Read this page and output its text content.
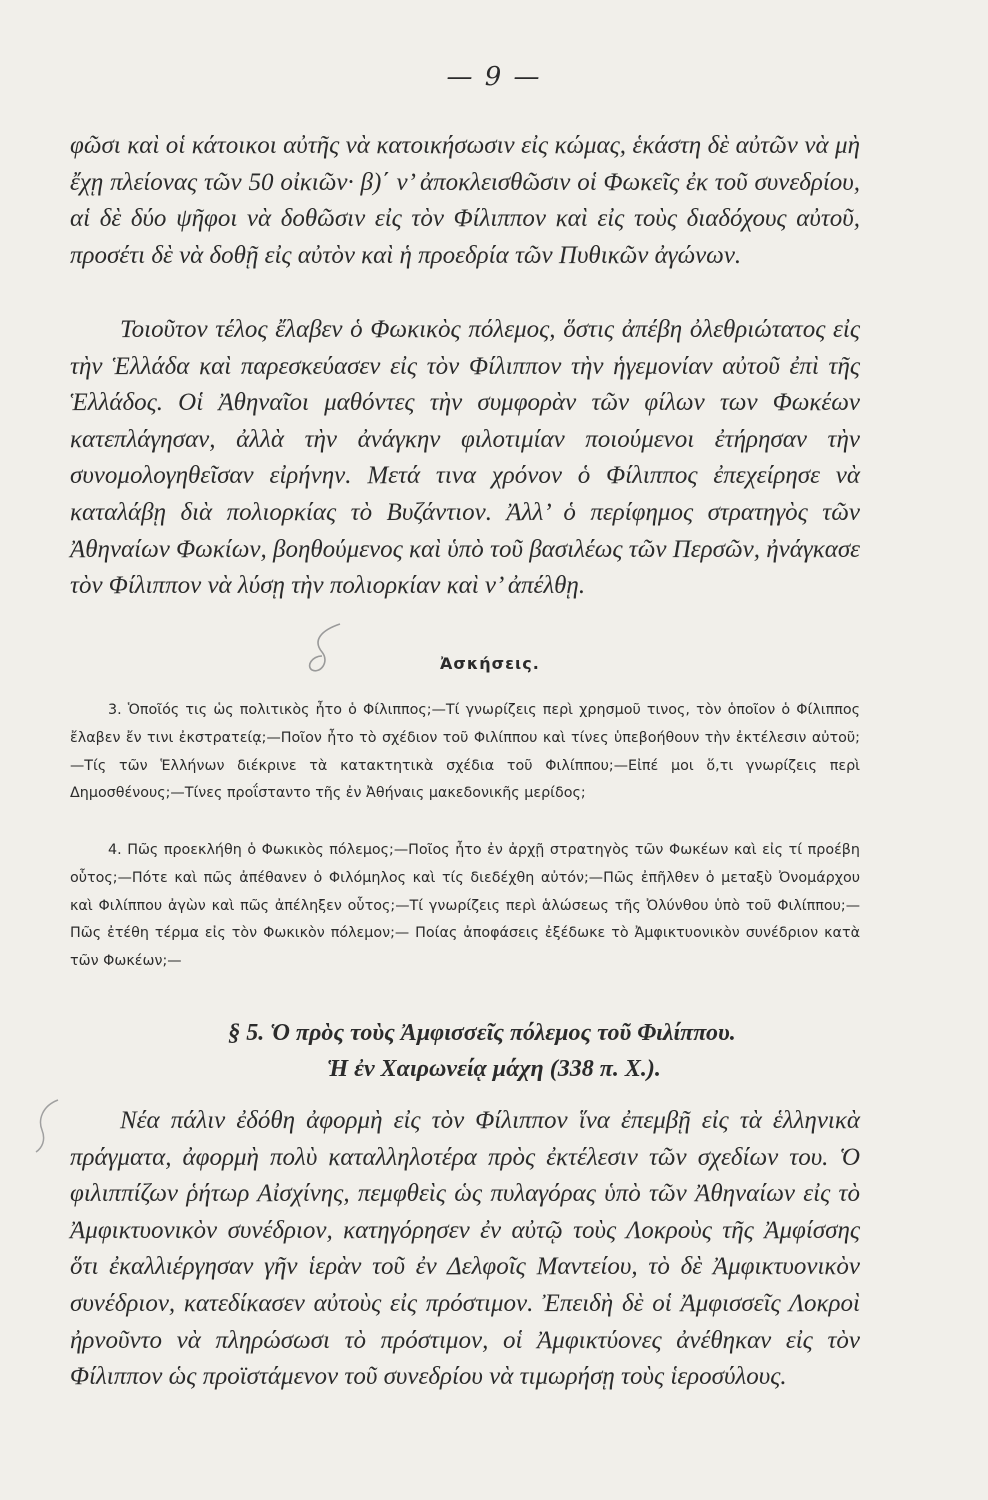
— 9 —

φῶσι καὶ οἱ κάτοικοι αὐτῆς νὰ κατοικήσωσιν εἰς κώμας, ἑκάστη δὲ αὐτῶν νὰ μὴ ἔχῃ πλείονας τῶν 50 οἰκιῶν· β)΄ ν’ ἀποκλεισθῶσιν οἱ Φωκεῖς ἐκ τοῦ συνεδρίου, αἱ δὲ δύο ψῆφοι νὰ δοθῶσιν εἰς τὸν Φίλιππον καὶ εἰς τοὺς διαδόχους αὐτοῦ, προσέτι δὲ νὰ δοθῇ εἰς αὐτὸν καὶ ἡ προεδρία τῶν Πυθικῶν ἀγώνων.

Τοιοῦτον τέλος ἔλαβεν ὁ Φωκικὸς πόλεμος, ὅστις ἀπέβη ὀλεθριώτατος εἰς τὴν Ἑλλάδα καὶ παρεσκεύασεν εἰς τὸν Φίλιππον τὴν ἡγεμονίαν αὐτοῦ ἐπὶ τῆς Ἑλλάδος. Οἱ Ἀθηναῖοι μαθόντες τὴν συμφορὰν τῶν φίλων των Φωκέων κατεπλάγησαν, ἀλλὰ τὴν ἀνάγκην φιλοτιμίαν ποιούμενοι ἐτήρησαν τὴν συνομολογηθεῖσαν εἰρήνην. Μετά τινα χρόνον ὁ Φίλιππος ἐπεχείρησε νὰ καταλάβῃ διὰ πολιορκίας τὸ Βυζάντιον. Ἀλλ’ ὁ περίφημος στρατηγὸς τῶν Ἀθηναίων Φωκίων, βοηθούμενος καὶ ὑπὸ τοῦ βασιλέως τῶν Περσῶν, ἠνάγκασε τὸν Φίλιππον νὰ λύσῃ τὴν πολιορκίαν καὶ ν’ ἀπέλθῃ.

Ἀσκήσεις.

3. Ὁποῖός τις ὡς πολιτικὸς ἦτο ὁ Φίλιππος;—Τί γνωρίζεις περὶ χρησμοῦ τινος, τὸν ὁποῖον ὁ Φίλιππος ἔλαβεν ἔν τινι ἐκστρατείᾳ;—Ποῖον ἦτο τὸ σχέδιον τοῦ Φιλίππου καὶ τίνες ὑπεβοήθουν τὴν ἐκτέλεσιν αὐτοῦ;—Τίς τῶν Ἑλλήνων διέκρινε τὰ κατακτητικὰ σχέδια τοῦ Φιλίππου;—Εἰπέ μοι ὅ,τι γνωρίζεις περὶ Δημοσθένους;—Τίνες προΐσταντο τῆς ἐν Ἀθήναις μακεδονικῆς μερίδος;

4. Πῶς προεκλήθη ὁ Φωκικὸς πόλεμος;—Ποῖος ἦτο ἐν ἀρχῇ στρατηγὸς τῶν Φωκέων καὶ εἰς τί προέβη οὗτος;—Πότε καὶ πῶς ἀπέθανεν ὁ Φιλόμηλος καὶ τίς διεδέχθη αὐτόν;—Πῶς ἐπῆλθεν ὁ μεταξὺ Ὀνομάρχου καὶ Φιλίππου ἀγὼν καὶ πῶς ἀπέληξεν οὗτος;—Τί γνωρίζεις περὶ ἁλώσεως τῆς Ὀλύνθου ὑπὸ τοῦ Φιλίππου;—Πῶς ἐτέθη τέρμα εἰς τὸν Φωκικὸν πόλεμον;— Ποίας ἀποφάσεις ἐξέδωκε τὸ Ἀμφικτυονικὸν συνέδριον κατὰ τῶν Φωκέων;—

§ 5. Ὁ πρὸς τοὺς Ἀμφισσεῖς πόλεμος τοῦ Φιλίππου.
Ἡ ἐν Χαιρωνείᾳ μάχη (338 π. Χ.).

Νέα πάλιν ἐδόθη ἀφορμὴ εἰς τὸν Φίλιππον ἵνα ἐπεμβῇ εἰς τὰ ἑλληνικὰ πράγματα, ἀφορμὴ πολὺ καταλληλοτέρα πρὸς ἐκτέλεσιν τῶν σχεδίων του. Ὁ φιλιππίζων ῥήτωρ Αἰσχίνης, πεμφθεὶς ὡς πυλαγόρας ὑπὸ τῶν Ἀθηναίων εἰς τὸ Ἀμφικτυονικὸν συνέδριον, κατηγόρησεν ἐν αὐτῷ τοὺς Λοκροὺς τῆς Ἀμφίσσης ὅτι ἐκαλλιέργησαν γῆν ἱερὰν τοῦ ἐν Δελφοῖς Μαντείου, τὸ δὲ Ἀμφικτυονικὸν συνέδριον, κατεδίκασεν αὐτοὺς εἰς πρόστιμον. Ἐπειδὴ δὲ οἱ Ἀμφισσεῖς Λοκροὶ ἠρνοῦντο νὰ πληρώσωσι τὸ πρόστιμον, οἱ Ἀμφικτύονες ἀνέθηκαν εἰς τὸν Φίλιππον ὡς προϊστάμενον τοῦ συνεδρίου νὰ τιμωρήσῃ τοὺς ἱεροσύλους.
